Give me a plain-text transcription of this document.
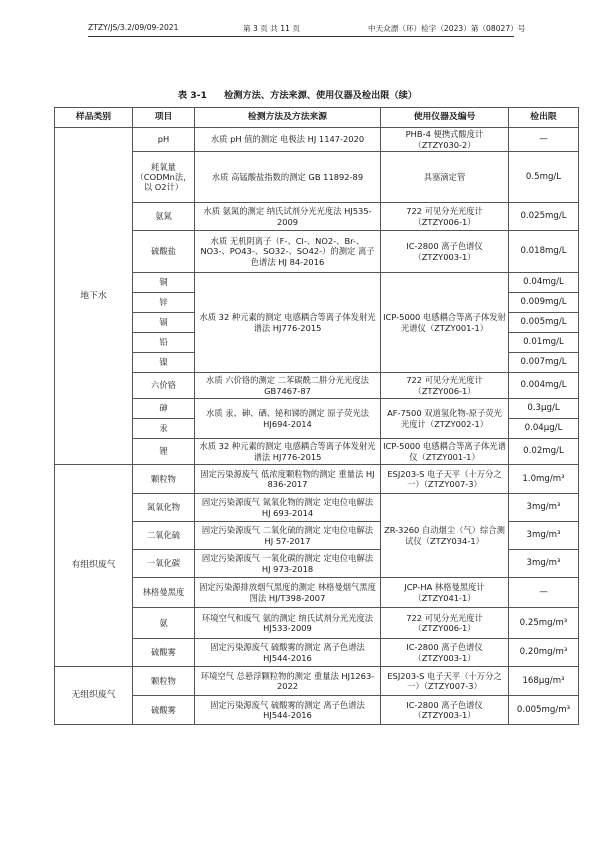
ZTZY/JS/3.2/09/09-2021	第 3 页 共 11 页	中天众漂（环）检字（2023）第（08027）号
表 3-1 检测方法、方法来源、使用仪器及检出限（续）
样品类别	项目	检测方法及方法来源	使用仪器及编号	检出限
地下水	pH	水质 pH 值的测定 电极法 HJ 1147-2020	PHB-4 便携式酸度计（ZTZY030-2）	—
	耗氧量（CODMn法，以 O2计）	水质 高锰酸盐指数的测定 GB 11892-89	具塞滴定管	0.5mg/L
	氨氮	水质 氨氮的测定 纳氏试剂分光光度法 HJ535-2009	722 可见分光光度计（ZTZY006-1）	0.025mg/L
	硫酸盐	水质 无机阴离子（F-、Cl-、NO2-、Br-、NO3-、PO43-、SO32-、SO42-）的测定 离子色谱法 HJ 84-2016	IC-2800 离子色谱仪（ZTZY003-1）	0.018mg/L
	铜	水质 32 种元素的测定 电感耦合等离子体发射光谱法 HJ776-2015	ICP-5000 电感耦合等离子体发射光谱仪（ZTZY001-1）	0.04mg/L
	锌			0.009mg/L
	镉			0.005mg/L
	铅			0.01mg/L
	镍			0.007mg/L
	六价铬	水质 六价铬的测定 二苯碳酰二肼分光光度法 GB7467-87	722 可见分光光度计（ZTZY006-1）	0.004mg/L
	砷	水质 汞、砷、硒、铋和锑的测定 原子荧光法 HJ694-2014	AF-7500 双道氢化物-原子荧光光度计（ZTZY002-1）	0.3μg/L
	汞			0.04μg/L
	锂	水质 32 种元素的测定 电感耦合等离子体发射光谱法 HJ776-2015	ICP-5000 电感耦合等离子体光谱仪（ZTZY001-1）	0.02mg/L
有组织废气	颗粒物	固定污染源废气 低浓度颗粒物的测定 重量法 HJ 836-2017	ESJ203-S 电子天平（十万分之一）（ZTZY007-3）	1.0mg/m³
	氮氧化物	固定污染源废气 氮氧化物的测定 定电位电解法 HJ 693-2014	ZR-3260 自动烟尘（气）综合测试仪（ZTZY034-1）	3mg/m³
	二氧化硫	固定污染源废气 二氧化硫的测定 定电位电解法 HJ 57-2017		3mg/m³
	一氧化碳	固定污染源废气 一氧化碳的测定 定电位电解法 HJ 973-2018		3mg/m³
	林格曼黑度	固定污染源排放烟气黑度的测定 林格曼烟气黑度图法 HJ/T398-2007	JCP-HA 林格曼黑度计（ZTZY041-1）	—
	氨	环境空气和废气 氨的测定 纳氏试剂分光光度法 HJ533-2009	722 可见分光光度计（ZTZY006-1）	0.25mg/m³
	硫酸雾	固定污染源废气 硫酸雾的测定 离子色谱法 HJ544-2016	IC-2800 离子色谱仪（ZTZY003-1）	0.20mg/m³
无组织废气	颗粒物	环境空气 总悬浮颗粒物的测定 重量法 HJ1263-2022	ESJ203-S 电子天平（十万分之一）（ZTZY007-3）	168μg/m³
	硫酸雾	固定污染源废气 硫酸雾的测定 离子色谱法 HJ544-2016	IC-2800 离子色谱仪（ZTZY003-1）	0.005mg/m³
